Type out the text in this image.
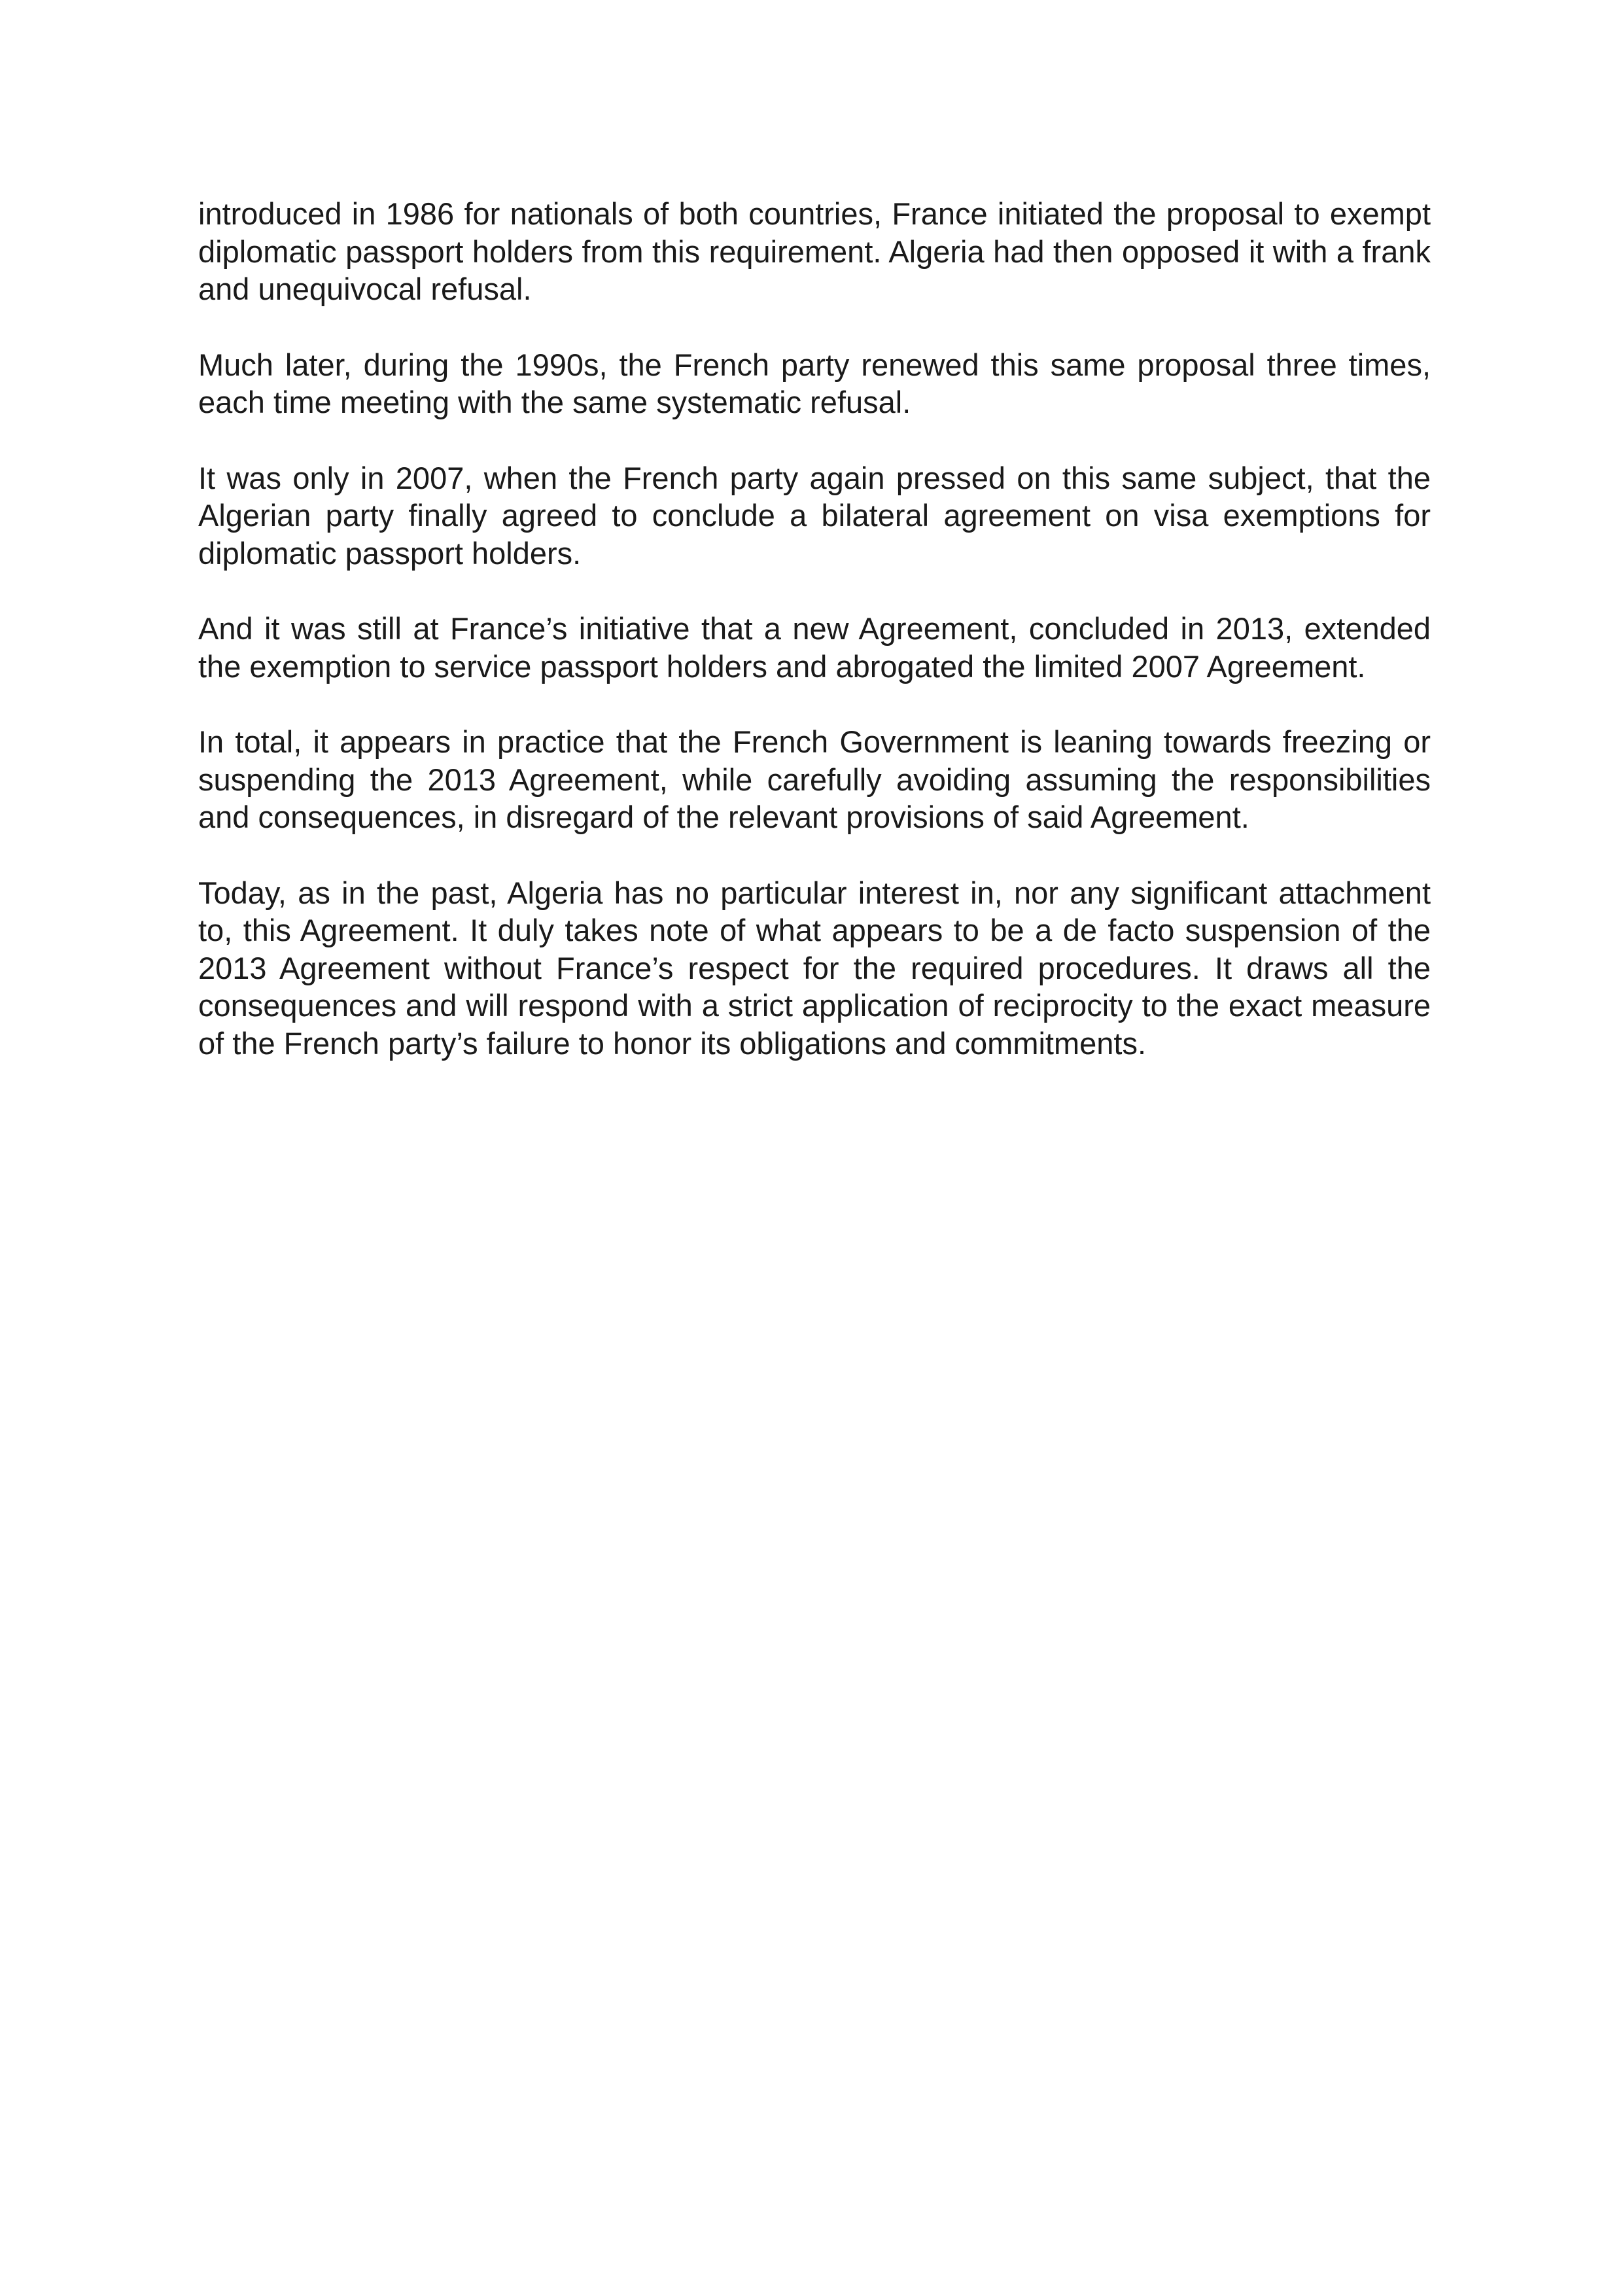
introduced in 1986 for nationals of both countries, France initiated the proposal to exempt diplomatic passport holders from this requirement. Algeria had then opposed it with a frank and unequivocal refusal.

Much later, during the 1990s, the French party renewed this same proposal three times, each time meeting with the same systematic refusal.

It was only in 2007, when the French party again pressed on this same subject, that the Algerian party finally agreed to conclude a bilateral agreement on visa exemptions for diplomatic passport holders.

And it was still at France’s initiative that a new Agreement, concluded in 2013, extended the exemption to service passport holders and abrogated the limited 2007 Agreement.

In total, it appears in practice that the French Government is leaning towards freezing or suspending the 2013 Agreement, while carefully avoiding assuming the responsibilities and consequences, in disregard of the relevant provisions of said Agreement.

Today, as in the past, Algeria has no particular interest in, nor any significant attachment to, this Agreement. It duly takes note of what appears to be a de facto suspension of the 2013 Agreement without France’s respect for the required procedures. It draws all the consequences and will respond with a strict application of reciprocity to the exact measure of the French party’s failure to honor its obligations and commitments.
